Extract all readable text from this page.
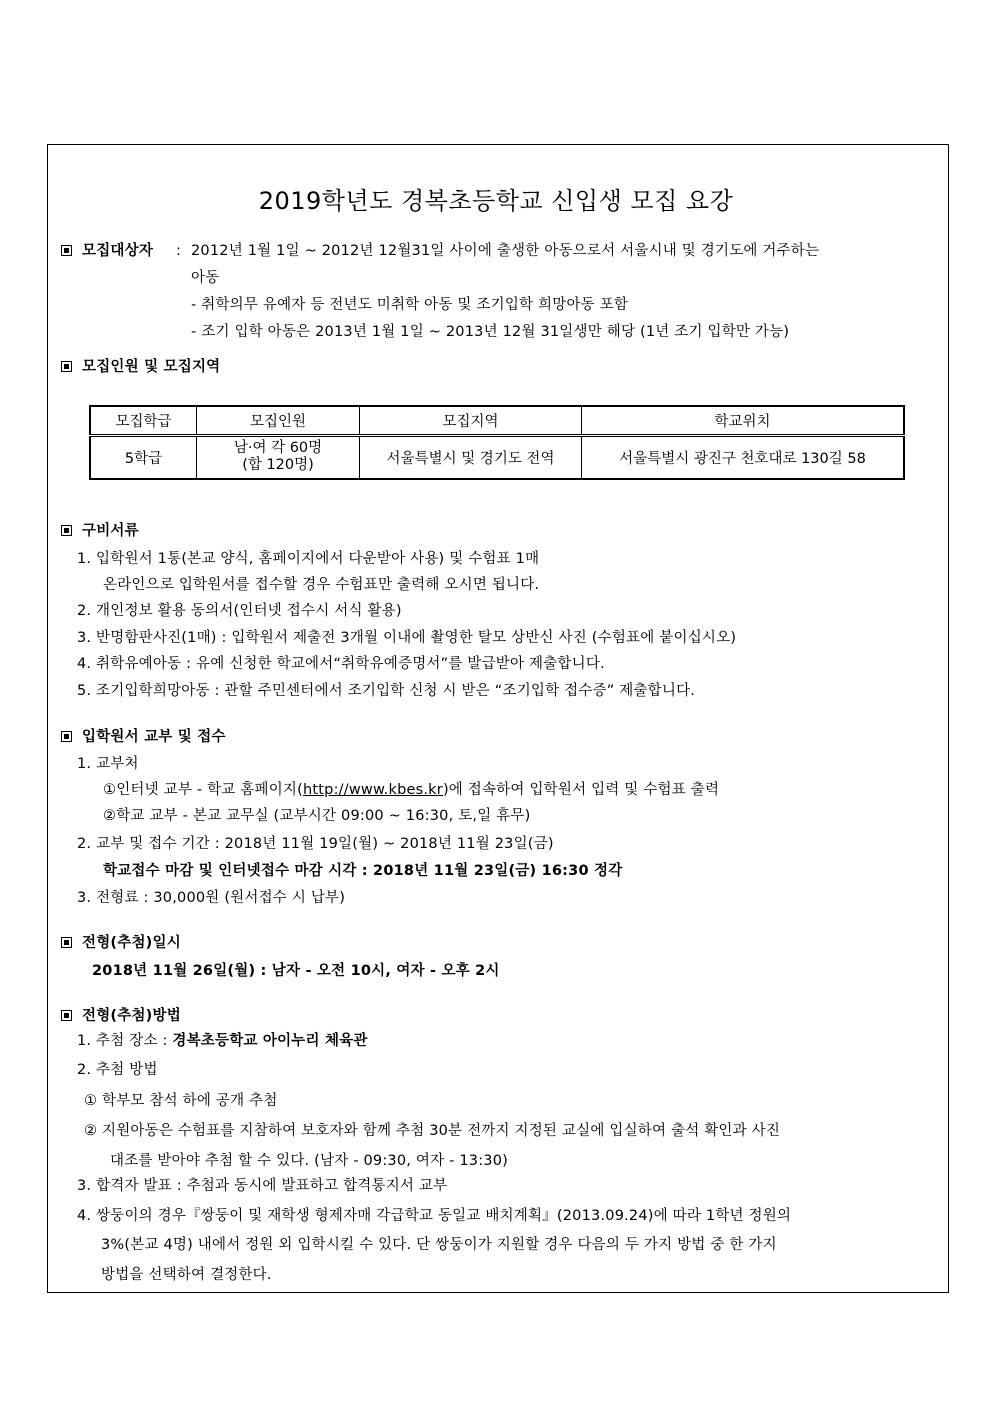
2019학년도 경복초등학교 신입생 모집 요강
모집대상자 : 2012년 1월 1일 ~ 2012년 12월31일 사이에 출생한 아동으로서 서울시내 및 경기도에 거주하는
아동
- 취학의무 유예자 등 전년도 미취학 아동 및 조기입학 희망아동 포함
- 조기 입학 아동은 2013년 1월 1일 ~ 2013년 12월 31일생만 해당 (1년 조기 입학만 가능)
모집인원 및 모집지역
모집학급	모집인원	모집지역	학교위치
5학급	남·여 각 60명
(합 120명)	서울특별시 및 경기도 전역	서울특별시 광진구 천호대로 130길 58
구비서류
1. 입학원서 1통(본교 양식, 홈페이지에서 다운받아 사용) 및 수험표 1매
온라인으로 입학원서를 접수할 경우 수험표만 출력해 오시면 됩니다.
2. 개인정보 활용 동의서(인터넷 접수시 서식 활용)
3. 반명함판사진(1매) : 입학원서 제출전 3개월 이내에 촬영한 탈모 상반신 사진 (수험표에 붙이십시오)
4. 취학유예아동 : 유예 신청한 학교에서“취학유예증명서”를 발급받아 제출합니다.
5. 조기입학희망아동 : 관할 주민센터에서 조기입학 신청 시 받은 “조기입학 접수증” 제출합니다.
입학원서 교부 및 접수
1. 교부처
①인터넷 교부 - 학교 홈페이지(http://www.kbes.kr)에 접속하여 입학원서 입력 및 수험표 출력
②학교 교부 - 본교 교무실 (교부시간 09:00 ~ 16:30, 토,일 휴무)
2. 교부 및 접수 기간 : 2018년 11월 19일(월) ~ 2018년 11월 23일(금)
학교접수 마감 및 인터넷접수 마감 시각 : 2018년 11월 23일(금) 16:30 정각
3. 전형료 : 30,000원 (원서접수 시 납부)
전형(추첨)일시
2018년 11월 26일(월) : 남자 - 오전 10시, 여자 - 오후 2시
전형(추첨)방법
1. 추첨 장소 : 경복초등학교 아이누리 체육관
2. 추첨 방법
① 학부모 참석 하에 공개 추첨
② 지원아동은 수험표를 지참하여 보호자와 함께 추첨 30분 전까지 지정된 교실에 입실하여 출석 확인과 사진
대조를 받아야 추첨 할 수 있다. (남자 - 09:30, 여자 - 13:30)
3. 합격자 발표 : 추첨과 동시에 발표하고 합격통지서 교부
4. 쌍둥이의 경우『쌍둥이 및 재학생 형제자매 각급학교 동일교 배치계획』(2013.09.24)에 따라 1학년 정원의
3%(본교 4명) 내에서 정원 외 입학시킬 수 있다. 단 쌍둥이가 지원할 경우 다음의 두 가지 방법 중 한 가지
방법을 선택하여 결정한다.
